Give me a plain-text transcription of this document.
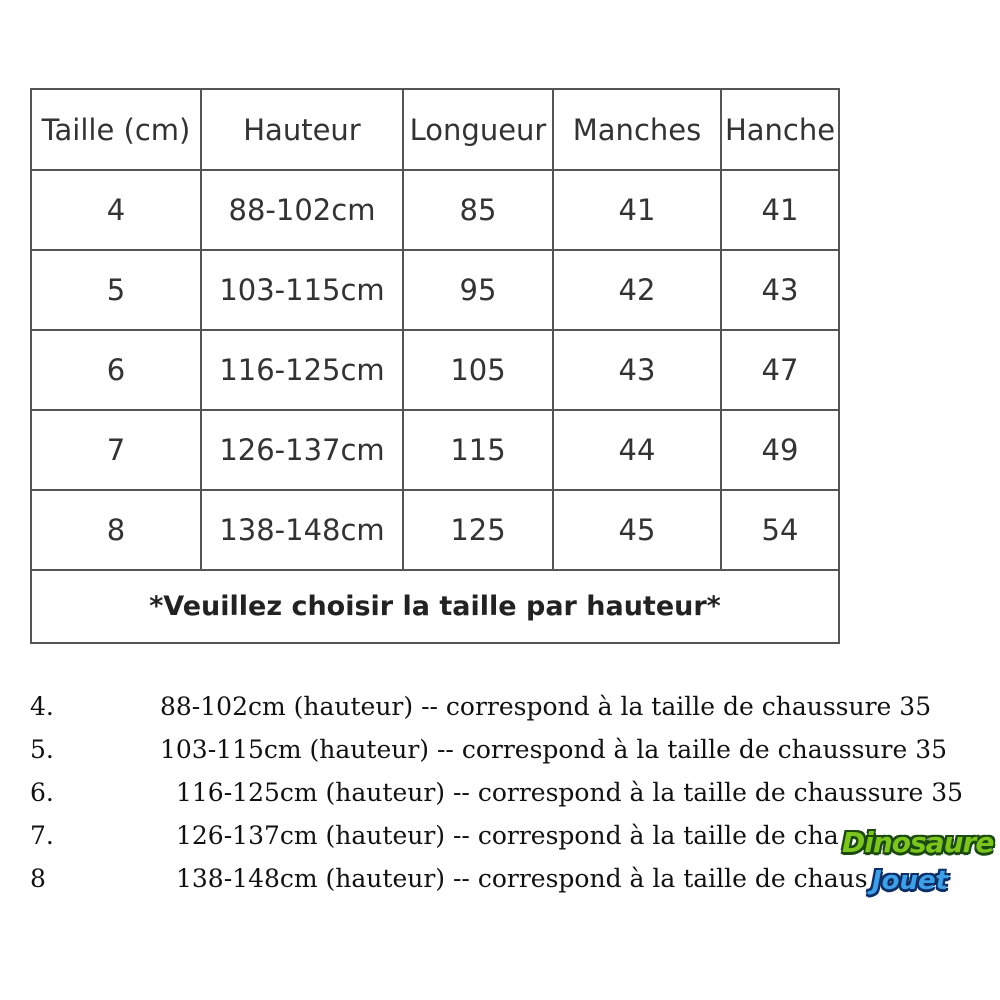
Taille (cm)	Hauteur	Longueur	Manches	Hanche
4	88-102cm	85	41	41
5	103-115cm	95	42	43
6	116-125cm	105	43	47
7	126-137cm	115	44	49
8	138-148cm	125	45	54
*Veuillez choisir la taille par hauteur*				
4.	88-102cm (hauteur) -- correspond à la taille de chaussure 35
5.	103-115cm (hauteur) -- correspond à la taille de chaussure 35
6.	116-125cm (hauteur) -- correspond à la taille de chaussure 35
7.	126-137cm (hauteur) -- correspond à la taille de cha
8	138-148cm (hauteur) -- correspond à la taille de chaus
Dinosaure
Jouet
